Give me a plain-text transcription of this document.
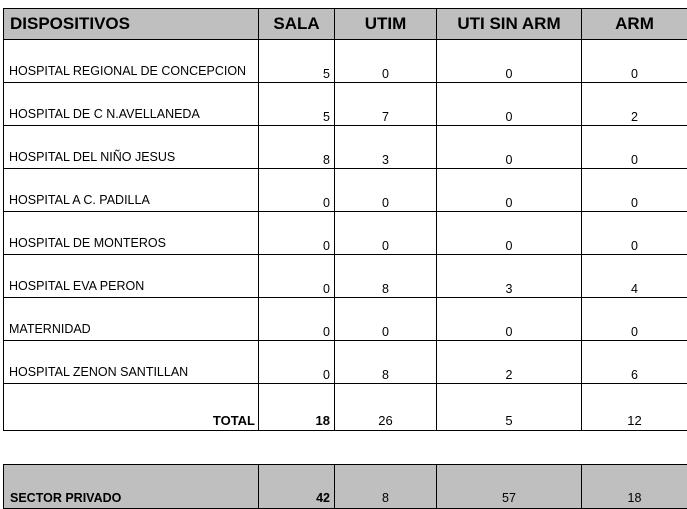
DISPOSITIVOS	SALA	UTIM	UTI SIN ARM	ARM
HOSPITAL REGIONAL DE CONCEPCION	5	0	0	0
HOSPITAL DE C N.AVELLANEDA	5	7	0	2
HOSPITAL DEL NIÑO JESUS	8	3	0	0
HOSPITAL A C. PADILLA	0	0	0	0
HOSPITAL DE MONTEROS	0	0	0	0
HOSPITAL EVA PERON	0	8	3	4
MATERNIDAD	0	0	0	0
HOSPITAL ZENON SANTILLAN	0	8	2	6
TOTAL	18	26	5	12
SECTOR PRIVADO	42	8	57	18
